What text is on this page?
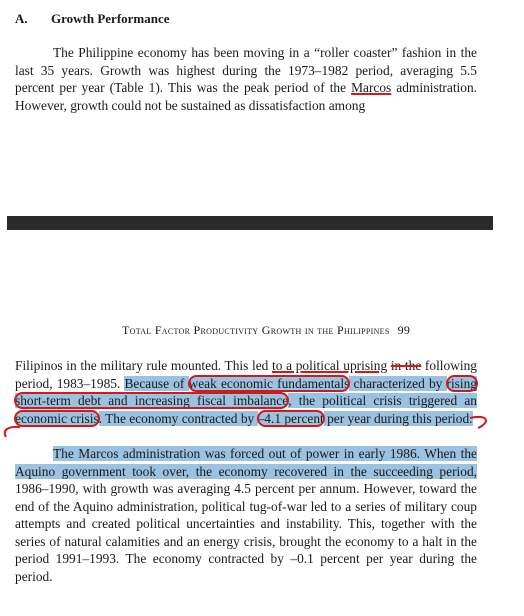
A. Growth Performance

The Philippine economy has been moving in a “roller coaster” fashion in the last 35 years. Growth was highest during the 1973–1982 period, averaging 5.5 percent per year (Table 1). This was the peak period of the Marcos administration. However, growth could not be sustained as dissatisfaction among

Total Factor Productivity Growth in the Philippines 99

Filipinos in the military rule mounted. This led to a political uprising in the following period, 1983–1985. Because of weak economic fundamentals characterized by rising short-term debt and increasing fiscal imbalance, the political crisis triggered an economic crisis. The economy contracted by –4.1 percent per year during this period.

The Marcos administration was forced out of power in early 1986. When the Aquino government took over, the economy recovered in the succeeding period, 1986–1990, with growth was averaging 4.5 percent per annum. However, toward the end of the Aquino administration, political tug-of-war led to a series of military coup attempts and created political uncertainties and instability. This, together with the series of natural calamities and an energy crisis, brought the economy to a halt in the period 1991–1993. The economy contracted by –0.1 percent per year during the period.
